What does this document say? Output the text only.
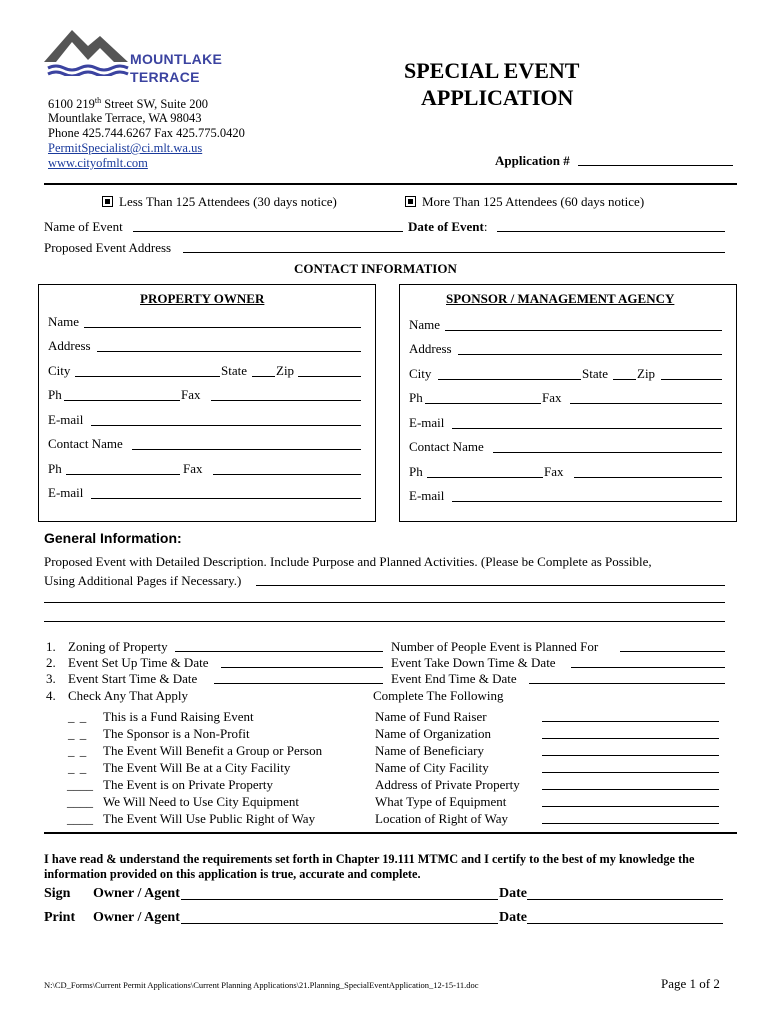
MOUNTLAKE
TERRACE
6100 219th Street SW, Suite 200
Mountlake Terrace, WA 98043
Phone 425.744.6267 Fax 425.775.0420
PermitSpecialist@ci.mlt.wa.us
www.cityofmlt.com
SPECIAL EVENT
APPLICATION
Application #
Less Than 125 Attendees (30 days notice)	More Than 125 Attendees (60 days notice)
Name of Event	Date of Event:
Proposed Event Address
CONTACT INFORMATION
PROPERTY OWNER
Name
Address
City	State Zip
Ph	Fax
E-mail
Contact Name
Ph	Fax
E-mail
SPONSOR / MANAGEMENT AGENCY
Name
Address
City	State Zip
Ph	Fax
E-mail
Contact Name
Ph	Fax
E-mail
General Information:
Proposed Event with Detailed Description. Include Purpose and Planned Activities. (Please be Complete as Possible,
Using Additional Pages if Necessary.)
1. Zoning of Property	Number of People Event is Planned For
2. Event Set Up Time & Date	Event Take Down Time & Date
3. Event Start Time & Date	Event End Time & Date
4. Check Any That Apply	Complete The Following
_ _ This is a Fund Raising Event	Name of Fund Raiser
_ _ The Sponsor is a Non-Profit	Name of Organization
_ _ The Event Will Benefit a Group or Person	Name of Beneficiary
_ _ The Event Will Be at a City Facility	Name of City Facility
____ The Event is on Private Property	Address of Private Property
____ We Will Need to Use City Equipment	What Type of Equipment
____ The Event Will Use Public Right of Way	Location of Right of Way
I have read & understand the requirements set forth in Chapter 19.111 MTMC and I certify to the best of my knowledge the
information provided on this application is true, accurate and complete.
Sign Owner / Agent	Date
Print Owner / Agent	Date
N:\CD_Forms\Current Permit Applications\Current Planning Applications\21.Planning_SpecialEventApplication_12-15-11.doc	Page 1 of 2
